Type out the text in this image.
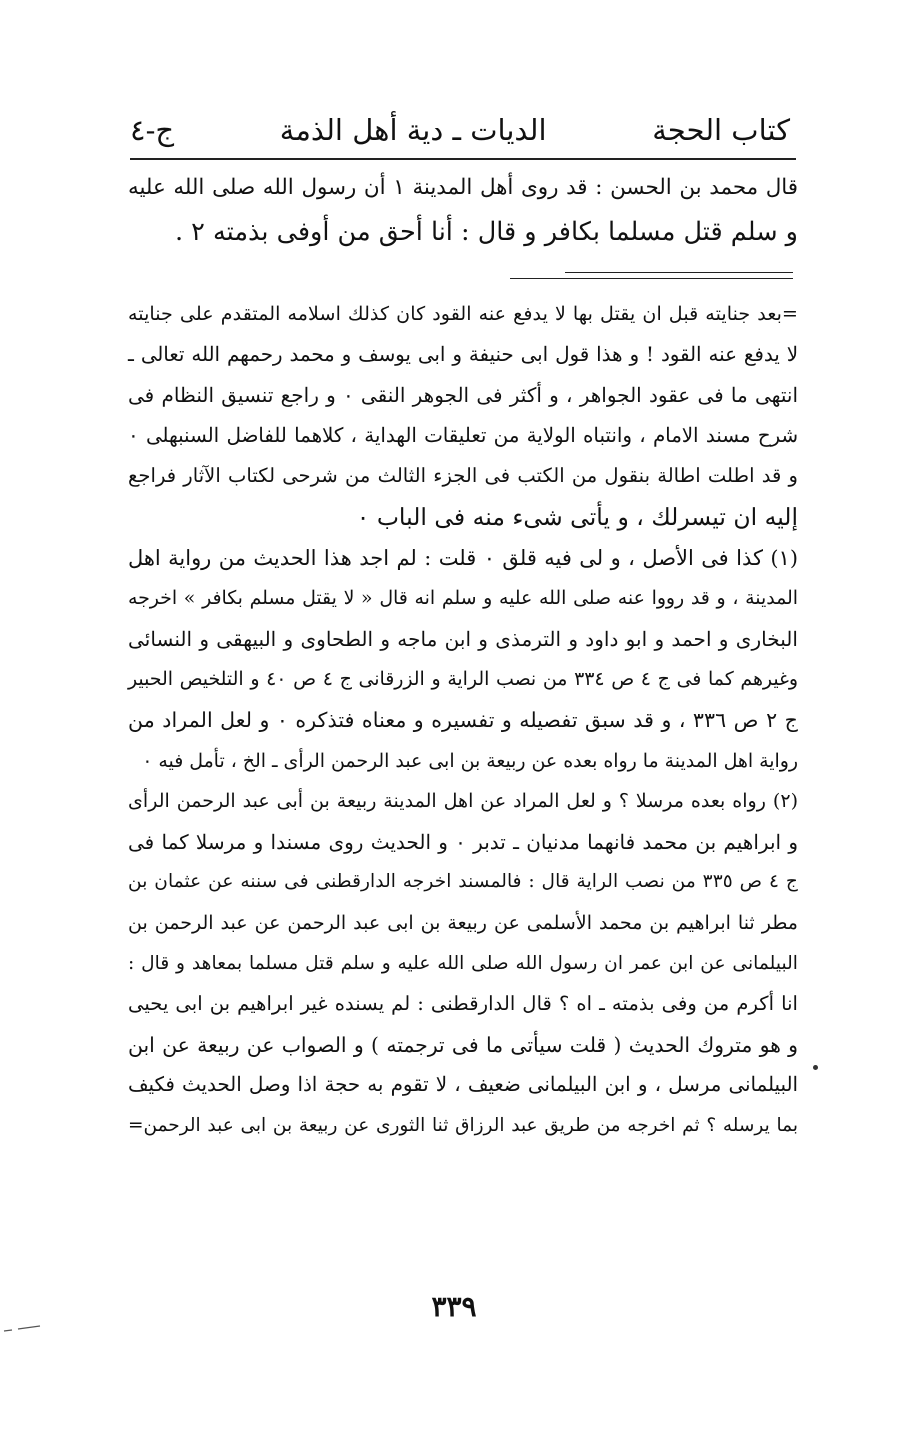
كتاب الحجة
الديات ـ دية أهل الذمة
ج-٤
قال محمد بن الحسن : قد روى أهل المدينة ١ أن رسول الله صلى الله عليه
و سلم قتل مسلما بكافر و قال : أنا أحق من أوفى بذمته ٢ .
=بعد جنايته قبل ان يقتل بها لا يدفع عنه القود كان كذلك اسلامه المتقدم على جنايته
لا يدفع عنه القود ! و هذا قول ابى حنيفة و ابى يوسف و محمد رحمهم الله تعالى ـ
انتهى ما فى عقود الجواهر ، و أكثر فى الجوهر النقى ٠ و راجع تنسيق النظام فى
شرح مسند الامام ، وانتباه الولاية من تعليقات الهداية ، كلاهما للفاضل السنبهلى ٠
و قد اطلت اطالة بنقول من الكتب فى الجزء الثالث من شرحى لكتاب الآثار فراجع
إليه ان تيسرلك ، و يأتى شىء منه فى الباب ٠
(١) كذا فى الأصل ، و لى فيه قلق ٠ قلت : لم اجد هذا الحديث من رواية اهل
المدينة ، و قد رووا عنه صلى الله عليه و سلم انه قال « لا يقتل مسلم بكافر » اخرجه
البخارى و احمد و ابو داود و الترمذى و ابن ماجه و الطحاوى و البيهقى و النسائى
وغيرهم كما فى ج ٤ ص ٣٣٤ من نصب الراية و الزرقانى ج ٤ ص ٤٠ و التلخيص الحبير
ج ٢ ص ٣٣٦ ، و قد سبق تفصيله و تفسيره و معناه فتذكره ٠ و لعل المراد من
رواية اهل المدينة ما رواه بعده عن ربيعة بن ابى عبد الرحمن الرأى ـ الخ ، تأمل فيه ٠
(٢) رواه بعده مرسلا ؟ و لعل المراد عن اهل المدينة ربيعة بن أبى عبد الرحمن الرأى
و ابراهيم بن محمد فانهما مدنيان ـ تدبر ٠ و الحديث روى مسندا و مرسلا كما فى
ج ٤ ص ٣٣٥ من نصب الراية قال : فالمسند اخرجه الدارقطنى فى سننه عن عثمان بن
مطر ثنا ابراهيم بن محمد الأسلمى عن ربيعة بن ابى عبد الرحمن عن عبد الرحمن بن
البيلمانى عن ابن عمر ان رسول الله صلى الله عليه و سلم قتل مسلما بمعاهد و قال :
انا أكرم من وفى بذمته ـ اه ؟ قال الدارقطنى : لم يسنده غير ابراهيم بن ابى يحيى
و هو متروك الحديث ( قلت سيأتى ما فى ترجمته ) و الصواب عن ربيعة عن ابن
البيلمانى مرسل ، و ابن البيلمانى ضعيف ، لا تقوم به حجة اذا وصل الحديث فكيف
بما يرسله ؟ ثم اخرجه من طريق عبد الرزاق ثنا الثورى عن ربيعة بن ابى عبد الرحمن=
٣٣٩
